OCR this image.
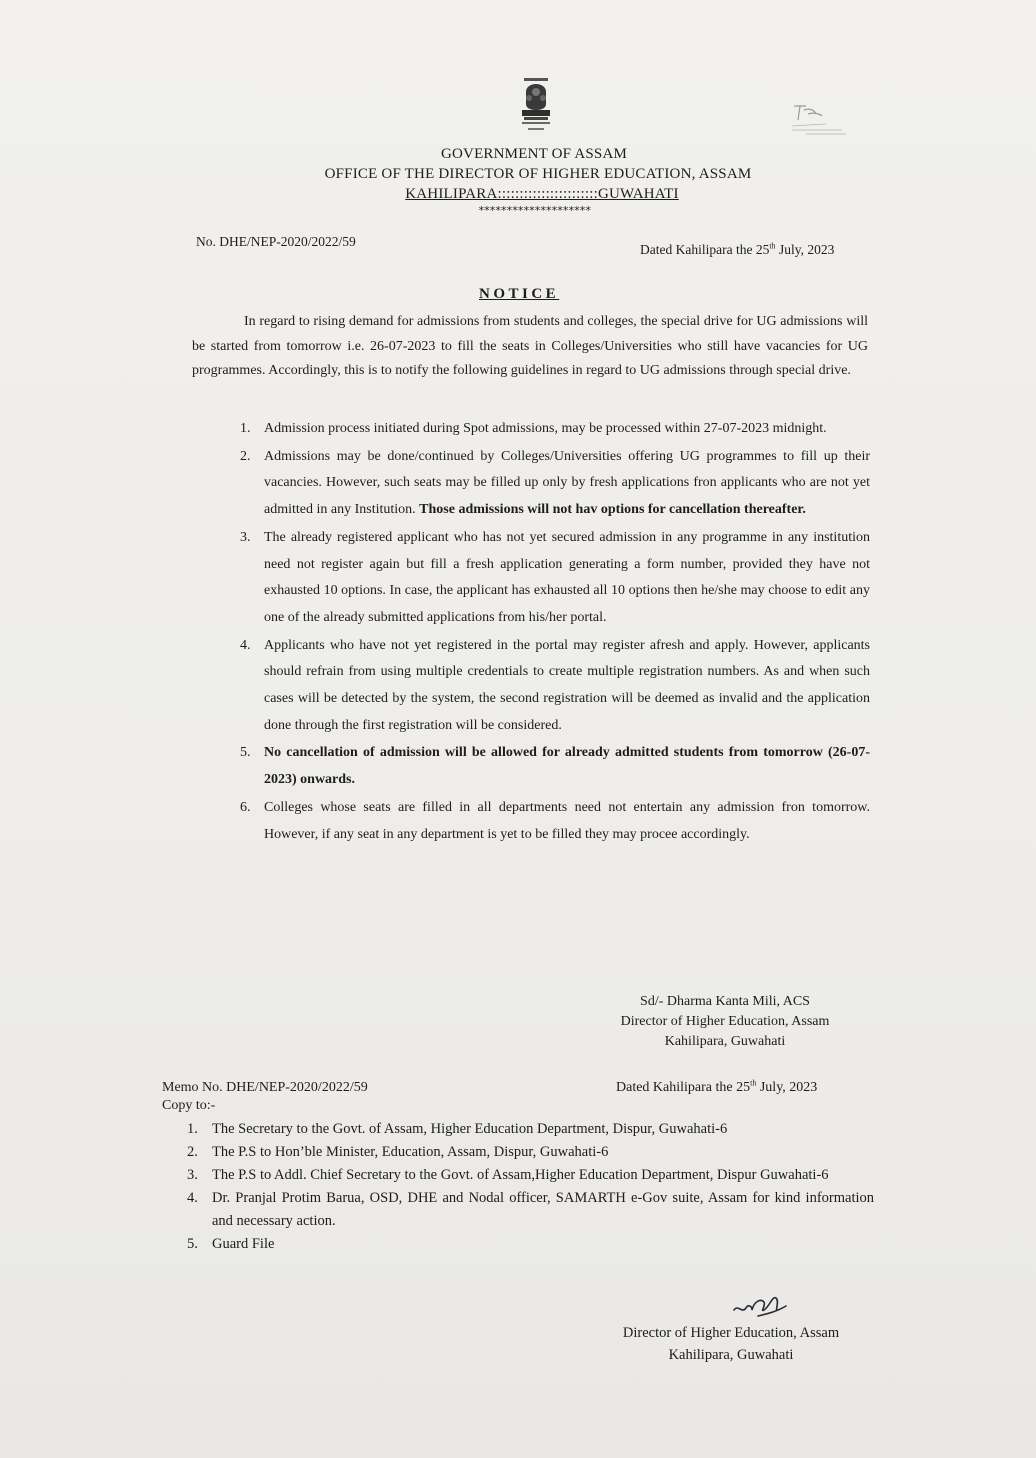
GOVERNMENT OF ASSAM
OFFICE OF THE DIRECTOR OF HIGHER EDUCATION, ASSAM
KAHILIPARA:::::::::::::::::::::::GUWAHATI
********************
No. DHE/NEP-2020/2022/59
Dated Kahilipara the 25th July, 2023
NOTICE
In regard to rising demand for admissions from students and colleges, the special drive for UG admissions will be started from tomorrow i.e. 26-07-2023 to fill the seats in Colleges/Universities who still have vacancies for UG programmes. Accordingly, this is to notify the following guidelines in regard to UG admissions through special drive.
1. Admission process initiated during Spot admissions, may be processed within 27-07-2023 midnight.
2. Admissions may be done/continued by Colleges/Universities offering UG programmes to fill up their vacancies. However, such seats may be filled up only by fresh applications fron applicants who are not yet admitted in any Institution. Those admissions will not hav options for cancellation thereafter.
3. The already registered applicant who has not yet secured admission in any programme in any institution need not register again but fill a fresh application generating a form number, provided they have not exhausted 10 options. In case, the applicant has exhausted all 10 options then he/she may choose to edit any one of the already submitted applications from his/her portal.
4. Applicants who have not yet registered in the portal may register afresh and apply. However, applicants should refrain from using multiple credentials to create multiple registration numbers. As and when such cases will be detected by the system, the second registration will be deemed as invalid and the application done through the first registration will be considered.
5. No cancellation of admission will be allowed for already admitted students from tomorrow (26-07-2023) onwards.
6. Colleges whose seats are filled in all departments need not entertain any admission fron tomorrow. However, if any seat in any department is yet to be filled they may procee accordingly.
Sd/- Dharma Kanta Mili, ACS
Director of Higher Education, Assam
Kahilipara, Guwahati
Memo No. DHE/NEP-2020/2022/59	Dated Kahilipara the 25th July, 2023
Copy to:-
1. The Secretary to the Govt. of Assam, Higher Education Department, Dispur, Guwahati-6
2. The P.S to Hon’ble Minister, Education, Assam, Dispur, Guwahati-6
3. The P.S to Addl. Chief Secretary to the Govt. of Assam,Higher Education Department, Dispur Guwahati-6
4. Dr. Pranjal Protim Barua, OSD, DHE and Nodal officer, SAMARTH e-Gov suite, Assam for kind information and necessary action.
5. Guard File
Director of Higher Education, Assam
Kahilipara, Guwahati
